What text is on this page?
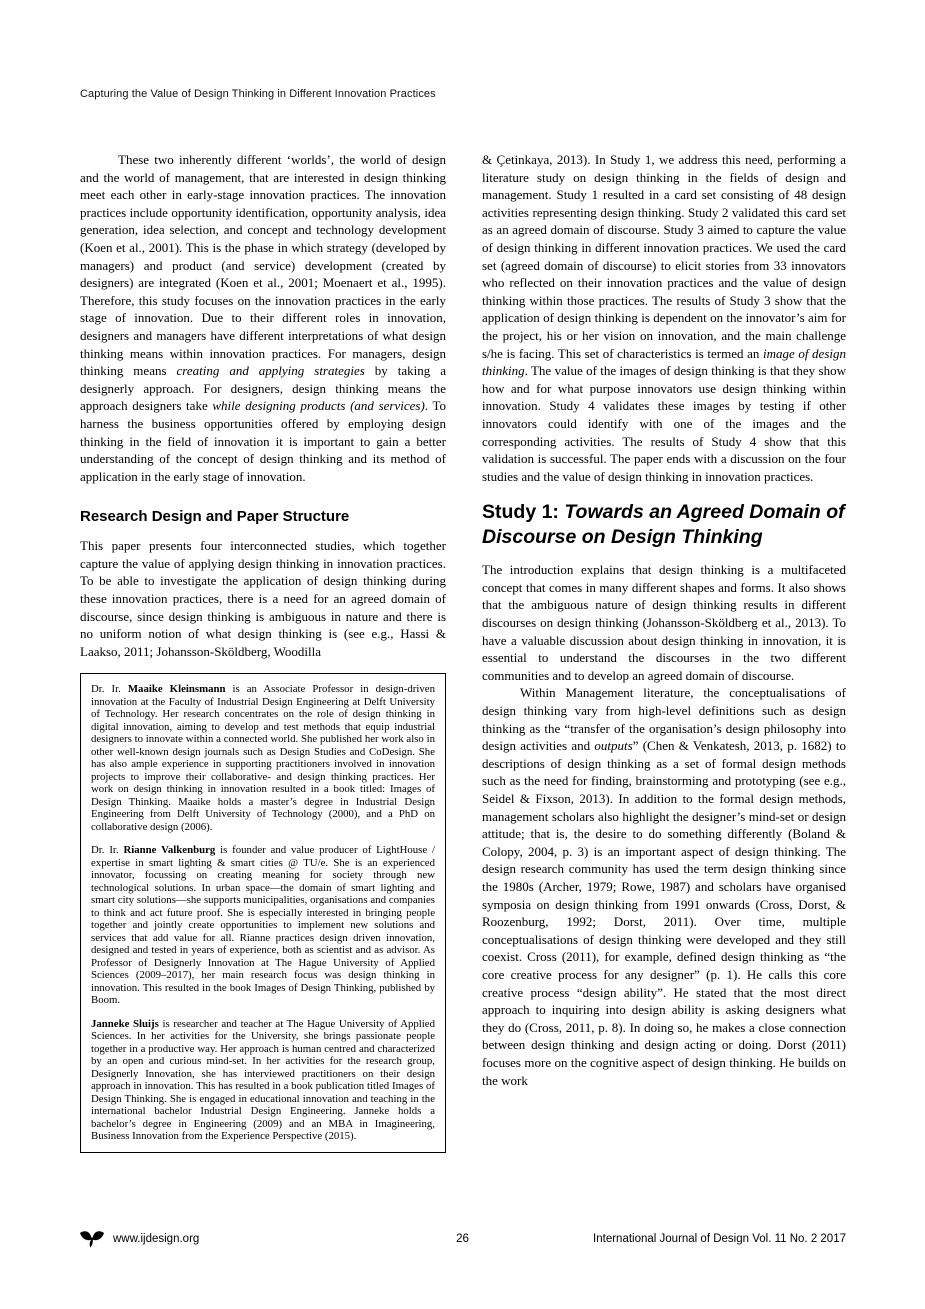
Capturing the Value of Design Thinking in Different Innovation Practices

These two inherently different ‘worlds’, the world of design and the world of management, that are interested in design thinking meet each other in early-stage innovation practices. The innovation practices include opportunity identification, opportunity analysis, idea generation, idea selection, and concept and technology development (Koen et al., 2001). This is the phase in which strategy (developed by managers) and product (and service) development (created by designers) are integrated (Koen et al., 2001; Moenaert et al., 1995). Therefore, this study focuses on the innovation practices in the early stage of innovation. Due to their different roles in innovation, designers and managers have different interpretations of what design thinking means within innovation practices. For managers, design thinking means creating and applying strategies by taking a designerly approach. For designers, design thinking means the approach designers take while designing products (and services). To harness the business opportunities offered by employing design thinking in the field of innovation it is important to gain a better understanding of the concept of design thinking and its method of application in the early stage of innovation.

Research Design and Paper Structure

This paper presents four interconnected studies, which together capture the value of applying design thinking in innovation practices. To be able to investigate the application of design thinking during these innovation practices, there is a need for an agreed domain of discourse, since design thinking is ambiguous in nature and there is no uniform notion of what design thinking is (see e.g., Hassi & Laakso, 2011; Johansson-Sköldberg, Woodilla

Dr. Ir. Maaike Kleinsmann is an Associate Professor in design-driven innovation at the Faculty of Industrial Design Engineering at Delft University of Technology. Her research concentrates on the role of design thinking in digital innovation, aiming to develop and test methods that equip industrial designers to innovate within a connected world. She published her work also in other well-known design journals such as Design Studies and CoDesign. She has also ample experience in supporting practitioners involved in innovation projects to improve their collaborative- and design thinking practices. Her work on design thinking in innovation resulted in a book titled: Images of Design Thinking. Maaike holds a master’s degree in Industrial Design Engineering from Delft University of Technology (2000), and a PhD on collaborative design (2006).

Dr. Ir. Rianne Valkenburg is founder and value producer of LightHouse / expertise in smart lighting & smart cities @ TU/e. She is an experienced innovator, focussing on creating meaning for society through new technological solutions. In urban space—the domain of smart lighting and smart city solutions—she supports municipalities, organisations and companies to think and act future proof. She is especially interested in bringing people together and jointly create opportunities to implement new solutions and services that add value for all. Rianne practices design driven innovation, designed and tested in years of experience, both as scientist and as advisor. As Professor of Designerly Innovation at The Hague University of Applied Sciences (2009–2017), her main research focus was design thinking in innovation. This resulted in the book Images of Design Thinking, published by Boom.

Janneke Sluijs is researcher and teacher at The Hague University of Applied Sciences. In her activities for the University, she brings passionate people together in a productive way. Her approach is human centred and characterized by an open and curious mind-set. In her activities for the research group, Designerly Innovation, she has interviewed practitioners on their design approach in innovation. This has resulted in a book publication titled Images of Design Thinking. She is engaged in educational innovation and teaching in the international bachelor Industrial Design Engineering. Janneke holds a bachelor’s degree in Engineering (2009) and an MBA in Imagineering, Business Innovation from the Experience Perspective (2015).

& Çetinkaya, 2013). In Study 1, we address this need, performing a literature study on design thinking in the fields of design and management. Study 1 resulted in a card set consisting of 48 design activities representing design thinking. Study 2 validated this card set as an agreed domain of discourse. Study 3 aimed to capture the value of design thinking in different innovation practices. We used the card set (agreed domain of discourse) to elicit stories from 33 innovators who reflected on their innovation practices and the value of design thinking within those practices. The results of Study 3 show that the application of design thinking is dependent on the innovator’s aim for the project, his or her vision on innovation, and the main challenge s/he is facing. This set of characteristics is termed an image of design thinking. The value of the images of design thinking is that they show how and for what purpose innovators use design thinking within innovation. Study 4 validates these images by testing if other innovators could identify with one of the images and the corresponding activities. The results of Study 4 show that this validation is successful. The paper ends with a discussion on the four studies and the value of design thinking in innovation practices.

Study 1: Towards an Agreed Domain of Discourse on Design Thinking

The introduction explains that design thinking is a multifaceted concept that comes in many different shapes and forms. It also shows that the ambiguous nature of design thinking results in different discourses on design thinking (Johansson-Sköldberg et al., 2013). To have a valuable discussion about design thinking in innovation, it is essential to understand the discourses in the two different communities and to develop an agreed domain of discourse.

Within Management literature, the conceptualisations of design thinking vary from high-level definitions such as design thinking as the “transfer of the organisation’s design philosophy into design activities and outputs” (Chen & Venkatesh, 2013, p. 1682) to descriptions of design thinking as a set of formal design methods such as the need for finding, brainstorming and prototyping (see e.g., Seidel & Fixson, 2013). In addition to the formal design methods, management scholars also highlight the designer’s mind-set or design attitude; that is, the desire to do something differently (Boland & Colopy, 2004, p. 3) is an important aspect of design thinking. The design research community has used the term design thinking since the 1980s (Archer, 1979; Rowe, 1987) and scholars have organised symposia on design thinking from 1991 onwards (Cross, Dorst, & Roozenburg, 1992; Dorst, 2011). Over time, multiple conceptualisations of design thinking were developed and they still coexist. Cross (2011), for example, defined design thinking as “the core creative process for any designer” (p. 1). He calls this core creative process “design ability”. He stated that the most direct approach to inquiring into design ability is asking designers what they do (Cross, 2011, p. 8). In doing so, he makes a close connection between design thinking and design acting or doing. Dorst (2011) focuses more on the cognitive aspect of design thinking. He builds on the work

www.ijdesign.org	26	International Journal of Design Vol. 11 No. 2 2017
